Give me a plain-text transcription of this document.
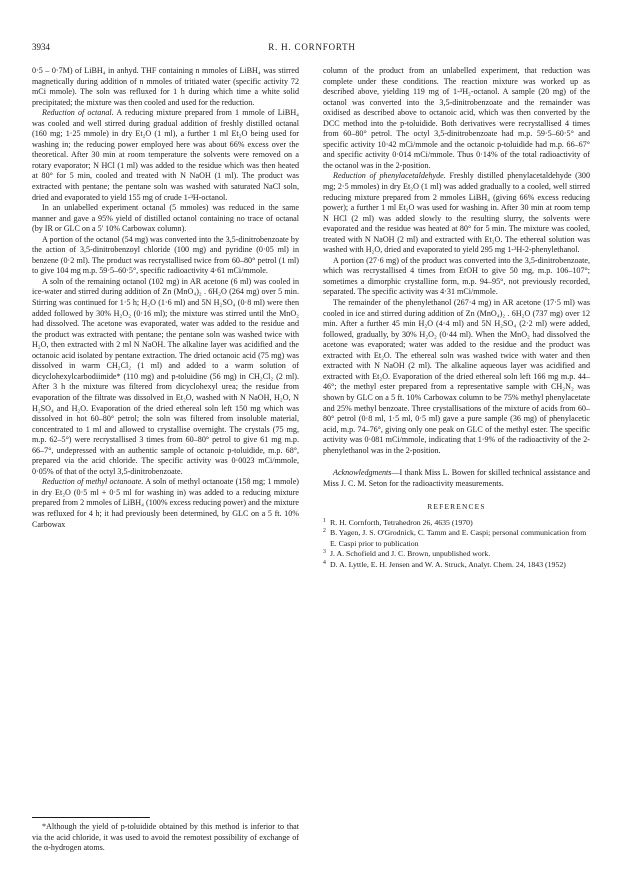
3934	R. H. CORNFORTH

0·5 – 0·7M) of LiBH₄ in anhyd. THF containing n mmoles of LiBH₄ was stirred magnetically during addition of n mmoles of tritiated water (specific activity 72 mCi mmole). The soln was refluxed for 1 h during which time a white solid precipitated; the mixture was then cooled and used for the reduction.

Reduction of octanal. A reducing mixture prepared from 1 mmole of LiBH₄ was cooled and well stirred during gradual addition of freshly distilled octanal (160 mg; 1·25 mmole) in dry Et₂O (1 ml), a further 1 ml Et₂O being used for washing in; the reducing power employed here was about 66% excess over the theoretical. After 30 min at room temperature the solvents were removed on a rotary evaporator; N HCl (1 ml) was added to the residue which was then heated at 80° for 5 min, cooled and treated with N NaOH (1 ml). The product was extracted with pentane; the pentane soln was washed with saturated NaCl soln, dried and evaporated to yield 155 mg of crude 1-³H-octanol.

In an unlabelled experiment octanal (5 mmoles) was reduced in the same manner and gave a 95% yield of distilled octanol containing no trace of octanal (by IR or GLC on a 5' 10% Carbowax column).

A portion of the octanol (54 mg) was converted into the 3,5-dinitrobenzoate by the action of 3,5-dinitrobenzoyl chloride (100 mg) and pyridine (0·05 ml) in benzene (0·2 ml). The product was recrystallised twice from 60–80° petrol (1 ml) to give 104 mg m.p. 59·5–60·5°, specific radioactivity 4·61 mCi/mmole.

A soln of the remaining octanol (102 mg) in AR acetone (6 ml) was cooled in ice-water and stirred during addition of Zn (MnO₄)₂ . 6H₂O (264 mg) over 5 min. Stirring was continued for 1·5 h; H₂O (1·6 ml) and 5N H₂SO₄ (0·8 ml) were then added followed by 30% H₂O₂ (0·16 ml); the mixture was stirred until the MnO₂ had dissolved. The acetone was evaporated, water was added to the residue and the product was extracted with pentane; the pentane soln was washed twice with H₂O, then extracted with 2 ml N NaOH. The alkaline layer was acidified and the octanoic acid isolated by pentane extraction. The dried octanoic acid (75 mg) was dissolved in warm CH₂Cl₂ (1 ml) and added to a warm solution of dicyclohexylcarbodiimide* (110 mg) and p-toluidine (56 mg) in CH₂Cl₂ (2 ml). After 3 h the mixture was filtered from dicyclohexyl urea; the residue from evaporation of the filtrate was dissolved in Et₂O, washed with N NaOH, H₂O, N H₂SO₄ and H₂O. Evaporation of the dried ethereal soln left 150 mg which was dissolved in hot 60–80° petrol; the soln was filtered from insoluble material, concentrated to 1 ml and allowed to crystallise overnight. The crystals (75 mg, m.p. 62–5°) were recrystallised 3 times from 60–80° petrol to give 61 mg m.p. 66–7°, undepressed with an authentic sample of octanoic p-toluidide, m.p. 68°, prepared via the acid chloride. The specific activity was 0·0023 mCi/mmole, 0·05% of that of the octyl 3,5-dinitrobenzoate.

Reduction of methyl octanoate. A soln of methyl octanoate (158 mg; 1 mmole) in dry Et₂O (0·5 ml + 0·5 ml for washing in) was added to a reducing mixture prepared from 2 mmoles of LiBH₄ (100% excess reducing power) and the mixture was refluxed for 4 h; it had previously been determined, by GLC on a 5 ft. 10% Carbowax

*Although the yield of p-toluidide obtained by this method is inferior to that via the acid chloride, it was used to avoid the remotest possibility of exchange of the α-hydrogen atoms.

column of the product from an unlabelled experiment, that reduction was complete under these conditions. The reaction mixture was worked up as described above, yielding 119 mg of 1-³H₂-octanol. A sample (20 mg) of the octanol was converted into the 3,5-dinitrobenzoate and the remainder was oxidised as described above to octanoic acid, which was then converted by the DCC method into the p-toluidide. Both derivatives were recrystallised 4 times from 60–80° petrol. The octyl 3,5-dinitrobenzoate had m.p. 59·5–60·5° and specific activity 10·42 mCi/mmole and the octanoic p-toluidide had m.p. 66–67° and specific activity 0·014 mCi/mmole. Thus 0·14% of the total radioactivity of the octanol was in the 2-position.

Reduction of phenylacetaldehyde. Freshly distilled phenylacetaldehyde (300 mg; 2·5 mmoles) in dry Et₂O (1 ml) was added gradually to a cooled, well stirred reducing mixture prepared from 2 mmoles LiBH₄ (giving 66% excess reducing power); a further 1 ml Et₂O was used for washing in. After 30 min at room temp N HCl (2 ml) was added slowly to the resulting slurry, the solvents were evaporated and the residue was heated at 80° for 5 min. The mixture was cooled, treated with N NaOH (2 ml) and extracted with Et₂O. The ethereal solution was washed with H₂O, dried and evaporated to yield 295 mg 1-³H-2-phenylethanol.

A portion (27·6 mg) of the product was converted into the 3,5-dinitrobenzoate, which was recrystallised 4 times from EtOH to give 50 mg, m.p. 106–107°; sometimes a dimorphic crystalline form, m.p. 94–95°, not previously recorded, separated. The specific activity was 4·31 mCi/mmole.

The remainder of the phenylethanol (267·4 mg) in AR acetone (17·5 ml) was cooled in ice and stirred during addition of Zn (MnO₄)₂ . 6H₂O (737 mg) over 12 min. After a further 45 min H₂O (4·4 ml) and 5N H₂SO₄ (2·2 ml) were added, followed, gradually, by 30% H₂O₂ (0·44 ml). When the MnO₂ had dissolved the acetone was evaporated; water was added to the residue and the product was extracted with Et₂O. The ethereal soln was washed twice with water and then extracted with N NaOH (2 ml). The alkaline aqueous layer was acidified and extracted with Et₂O. Evaporation of the dried ethereal soln left 166 mg m.p. 44–46°; the methyl ester prepared from a representative sample with CH₂N₂ was shown by GLC on a 5 ft. 10% Carbowax column to be 75% methyl phenylacetate and 25% methyl benzoate. Three crystallisations of the mixture of acids from 60–80° petrol (0·8 ml, 1·5 ml, 0·5 ml) gave a pure sample (36 mg) of phenylacetic acid, m.p. 74–76°, giving only one peak on GLC of the methyl ester. The specific activity was 0·081 mCi/mmole, indicating that 1·9% of the radioactivity of the 2-phenylethanol was in the 2-position.

Acknowledgments—I thank Miss L. Bowen for skilled technical assistance and Miss J. C. M. Seton for the radioactivity measurements.

REFERENCES
1 R. H. Cornforth, Tetrahedron 26, 4635 (1970)
2 B. Yagen, J. S. O'Grodnick, C. Tamm and E. Caspi; personal communication from E. Caspi prior to publication
3 J. A. Schofield and J. C. Brown, unpublished work.
4 D. A. Lyttle, E. H. Jensen and W. A. Struck, Analyt. Chem. 24, 1843 (1952)
